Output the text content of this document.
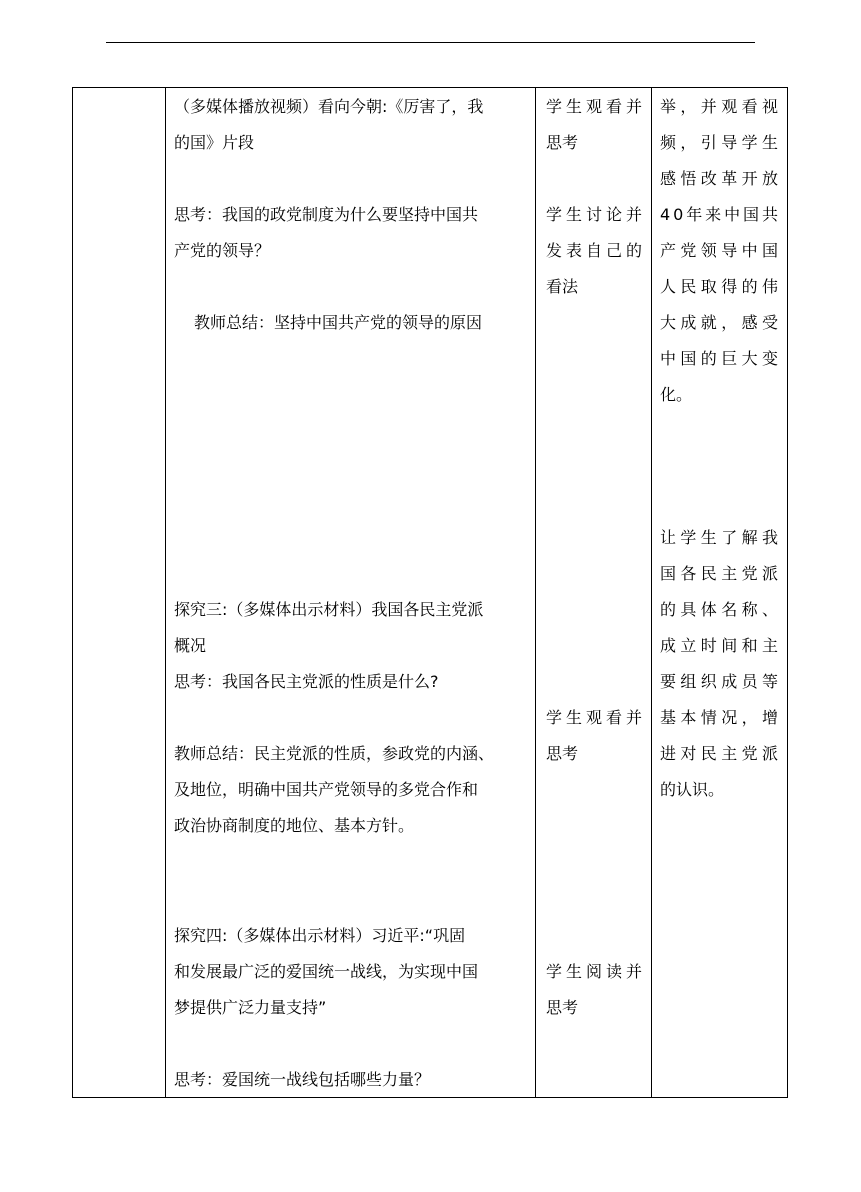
（多媒体播放视频）看向今朝:《厉害了，我
的国》片段
思考：我国的政党制度为什么要坚持中国共
产党的领导？
教师总结：坚持中国共产党的领导的原因
探究三:（多媒体出示材料）我国各民主党派
概况
思考：我国各民主党派的性质是什么?
教师总结：民主党派的性质，参政党的内涵、
及地位，明确中国共产党领导的多党合作和
政治协商制度的地位、基本方针。
探究四:（多媒体出示材料）习近平:“巩固
和发展最广泛的爱国统一战线，为实现中国
梦提供广泛力量支持”
思考：爱国统一战线包括哪些力量？
学生观看并
思考
学生讨论并
发表自己的
看法
学生观看并
思考
学生阅读并
思考
举，并观看视
频，引导学生
感悟改革开放
40年来中国共
产党领导中国
人民取得的伟
大成就，感受
中国的巨大变
化。
让学生了解我
国各民主党派
的具体名称、
成立时间和主
要组织成员等
基本情况，增
进对民主党派
的认识。
